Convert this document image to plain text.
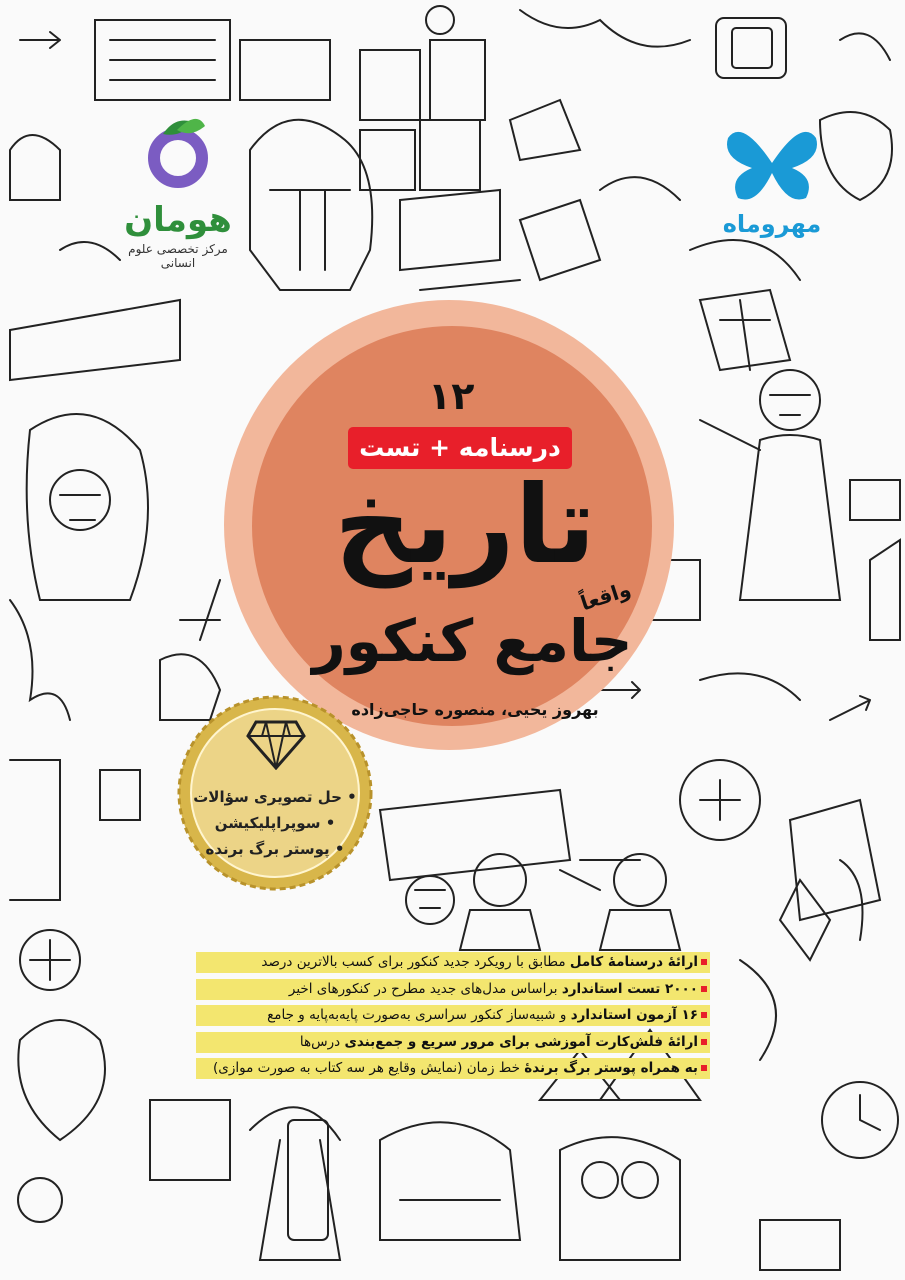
هومان
مرکز تخصصی علوم انسانی
مهروماه
۱۲
درسنامه + تست
تاریخ
واقعاً
جامع کنکور
بهروز یحیی، منصوره حاجی‌زاده
• حل تصویری سؤالات
• سوپراپلیکیشن
• پوستر برگ برنده
ارائهٔ درسنامهٔ کامل مطابق با رویکرد جدید کنکور برای کسب بالاترین درصد
۲۰۰۰ تست استاندارد براساس مدل‌های جدید مطرح در کنکورهای اخیر
۱۶ آزمون استاندارد و شبیه‌ساز کنکور سراسری به‌صورت پایه‌به‌پایه و جامع
ارائهٔ فلش‌کارت آموزشی برای مرور سریع و جمع‌بندی درس‌ها
به همراه پوستر برگ برندهٔ خط زمان (نمایش وقایع هر سه کتاب به صورت موازی)
